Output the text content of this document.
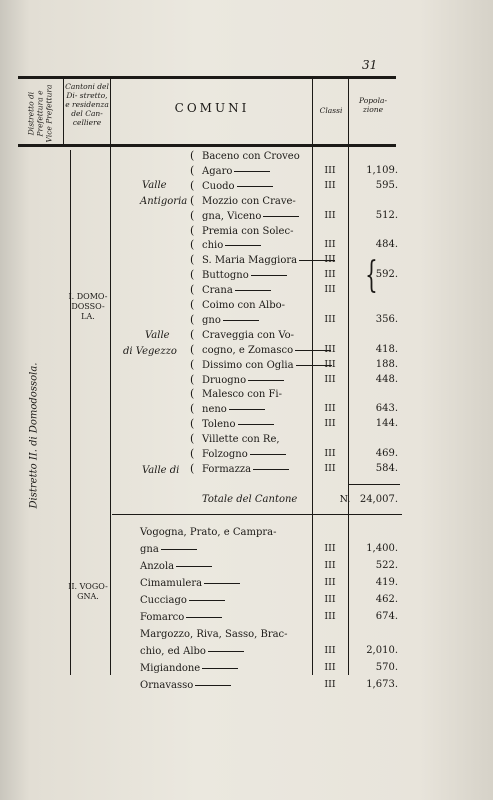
31
Distretto di Prefettura e Vice Prefettura Cantoni del Di- stretto, e residenza del Can- celliere
COMUNI	Classi
Popola- zione
Distretto II. di Domodossola.
I. DOMO- DOSSO- LA.
II. VOGO- GNA.
Valle
Antigoria
Valle
di Vegezzo
Valle di
{
( Baceno con Croveo
( Agaro	III	1,109.
( Cuodo	III	595.
( Mozzio con Crave-
( gna, Viceno	III	512.
( Premia con Solec-
( chio	III	484.
( S. Maria Maggiora	III
( Buttogno	III	592.
( Crana	III
( Coimo con Albo-
( gno	III	356.
( Craveggia con Vo-
( cogno, e Zomasco	III	418.
( Dissimo con Oglia	III	188.
( Druogno	III	448.
( Malesco con Fi-
( neno	III	643.
( Toleno	III	144.
( Villette con Re,
( Folzogno	III	469.
( Formazza	III	584.
Totale del Cantone	N. 24,007.
Vogogna, Prato, e Campra-
gna	III	1,400.
Anzola	III	522.
Cimamulera	III	419.
Cucciago	III	462.
Fomarco	III	674.
Margozzo, Riva, Sasso, Brac-
chio, ed Albo	III	2,010.
Migiandone	III	570.
Ornavasso	III	1,673.
